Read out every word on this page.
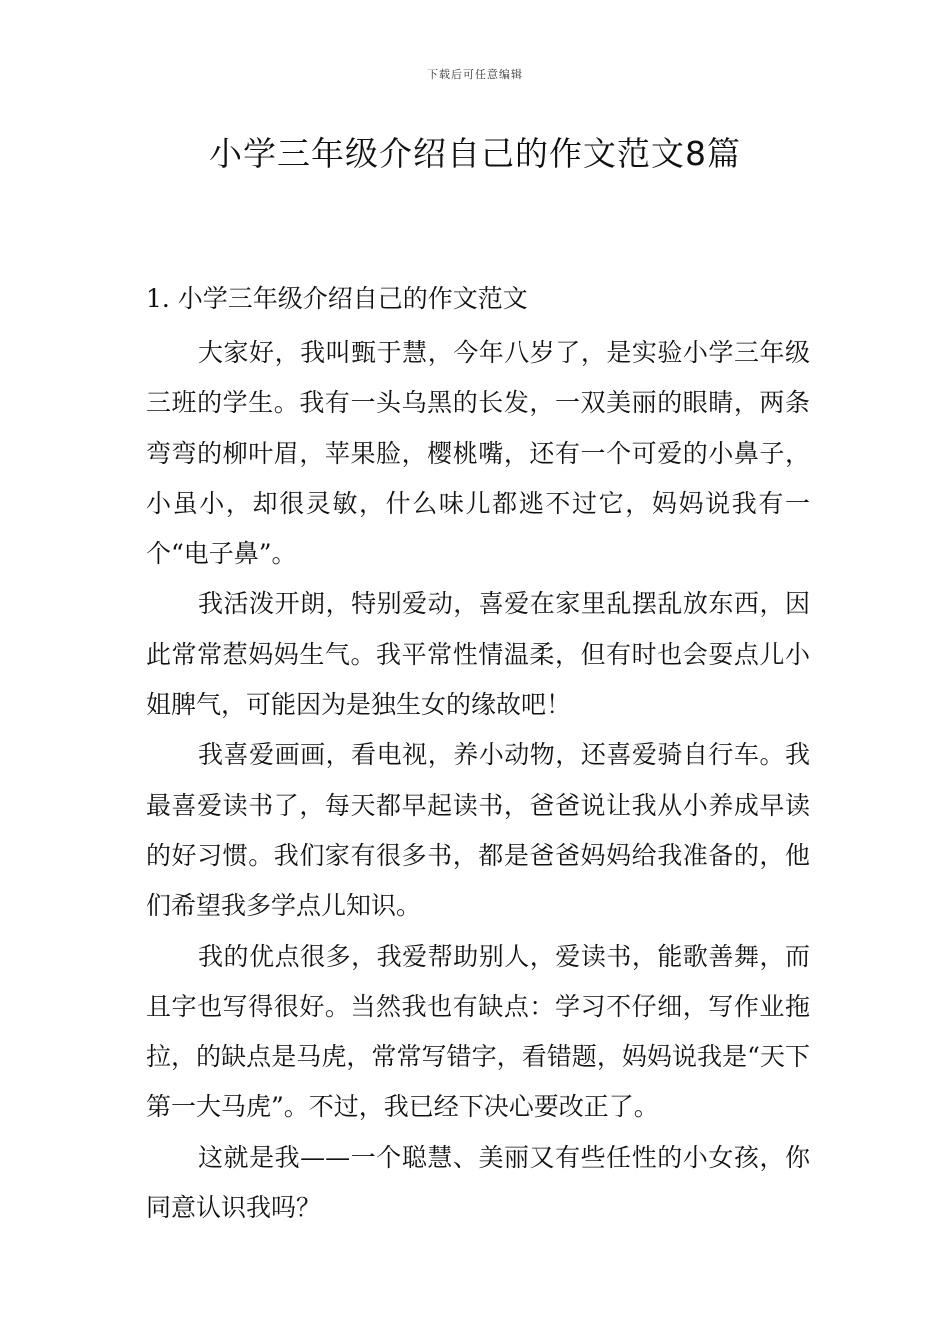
下载后可任意编辑
小学三年级介绍自己的作文范文8篇

1. 小学三年级介绍自己的作文范文

大家好，我叫甄于慧，今年八岁了，是实验小学三年级三班的学生。我有一头乌黑的长发，一双美丽的眼睛，两条弯弯的柳叶眉，苹果脸，樱桃嘴，还有一个可爱的小鼻子，小虽小，却很灵敏，什么味儿都逃不过它，妈妈说我有一个“电子鼻”。

我活泼开朗，特别爱动，喜爱在家里乱摆乱放东西，因此常常惹妈妈生气。我平常性情温柔，但有时也会耍点儿小姐脾气，可能因为是独生女的缘故吧！

我喜爱画画，看电视，养小动物，还喜爱骑自行车。我最喜爱读书了，每天都早起读书，爸爸说让我从小养成早读的好习惯。我们家有很多书，都是爸爸妈妈给我准备的，他们希望我多学点儿知识。

我的优点很多，我爱帮助别人，爱读书，能歌善舞，而且字也写得很好。当然我也有缺点：学习不仔细，写作业拖拉，的缺点是马虎，常常写错字，看错题，妈妈说我是“天下第一大马虎”。不过，我已经下决心要改正了。

这就是我——一个聪慧、美丽又有些任性的小女孩，你同意认识我吗？
